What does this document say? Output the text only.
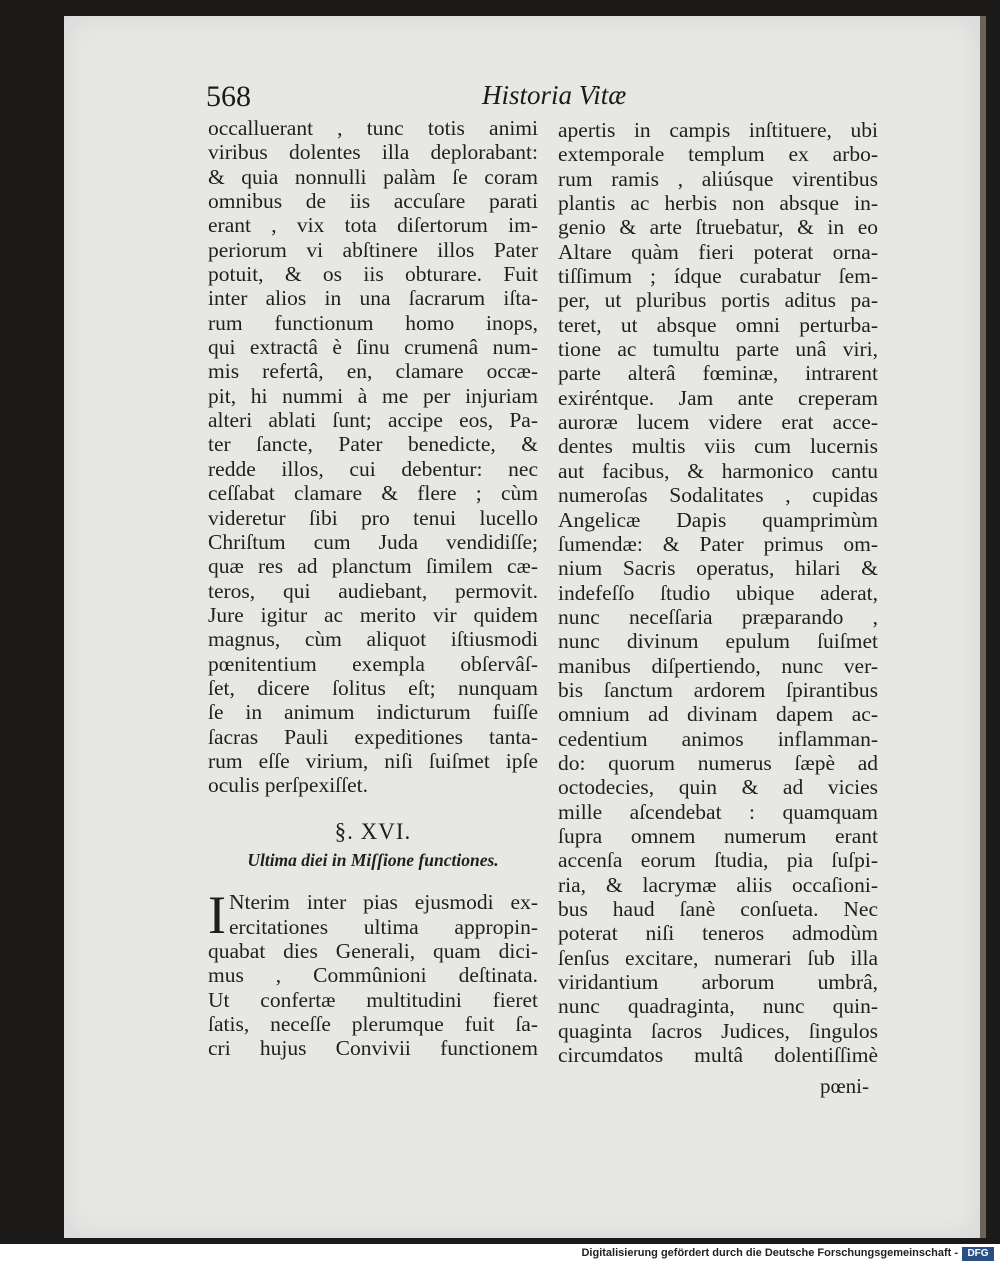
568	Historia Vitæ
occalluerant , tunc totis animi
viribus dolentes illa deplorabant:
& quia nonnulli palàm ſe coram
omnibus de iis accuſare parati
erant , vix tota diſertorum im-
periorum vi abſtinere illos Pater
potuit, & os iis obturare. Fuit
inter alios in una ſacrarum iſta-
rum functionum homo inops,
qui extractâ è ſinu crumenâ num-
mis refertâ, en, clamare occæ-
pit, hi nummi à me per injuriam
alteri ablati ſunt; accipe eos, Pa-
ter ſancte, Pater benedicte, &
redde illos, cui debentur: nec
ceſſabat clamare & flere ; cùm
videretur ſibi pro tenui lucello
Chriſtum cum Juda vendidiſſe;
quæ res ad planctum ſimilem cæ-
teros, qui audiebant, permovit.
Jure igitur ac merito vir quidem
magnus, cùm aliquot iſtiusmodi
pœnitentium exempla obſervâſ-
ſet, dicere ſolitus eſt; nunquam
ſe in animum indicturum fuiſſe
ſacras Pauli expeditiones tanta-
rum eſſe virium, niſi ſuiſmet ipſe
oculis perſpexiſſet.
§. XVI.
Ultima diei in Miſſione functiones.
I Nterim inter pias ejusmodi ex-
ercitationes ultima appropin-
quabat dies Generali, quam dici-
mus , Commûnioni deſtinata.
Ut confertæ multitudini fieret
ſatis, neceſſe plerumque fuit ſa-
cri hujus Convivii functionem
apertis in campis inſtituere, ubi
extemporale templum ex arbo-
rum ramis , aliúsque virentibus
plantis ac herbis non absque in-
genio & arte ſtruebatur, & in eo
Altare quàm fieri poterat orna-
tiſſimum ; ídque curabatur ſem-
per, ut pluribus portis aditus pa-
teret, ut absque omni perturba-
tione ac tumultu parte unâ viri,
parte alterâ fœminæ, intrarent
exiréntque. Jam ante creperam
auroræ lucem videre erat acce-
dentes multis viis cum lucernis
aut facibus, & harmonico cantu
numeroſas Sodalitates , cupidas
Angelicæ Dapis quamprimùm
ſumendæ: & Pater primus om-
nium Sacris operatus, hilari &
indefeſſo ſtudio ubique aderat,
nunc neceſſaria præparando ,
nunc divinum epulum ſuiſmet
manibus diſpertiendo, nunc ver-
bis ſanctum ardorem ſpirantibus
omnium ad divinam dapem ac-
cedentium animos inflamman-
do: quorum numerus ſæpè ad
octodecies, quin & ad vicies
mille aſcendebat : quamquam
ſupra omnem numerum erant
accenſa eorum ſtudia, pia ſuſpi-
ria, & lacrymæ aliis occaſioni-
bus haud ſanè conſueta. Nec
poterat niſi teneros admodùm
ſenſus excitare, numerari ſub illa
viridantium arborum umbrâ,
nunc quadraginta, nunc quin-
quaginta ſacros Judices, ſingulos
circumdatos multâ dolentiſſimè
pœni-
Digitalisierung gefördert durch die Deutsche Forschungsgemeinschaft - DFG
